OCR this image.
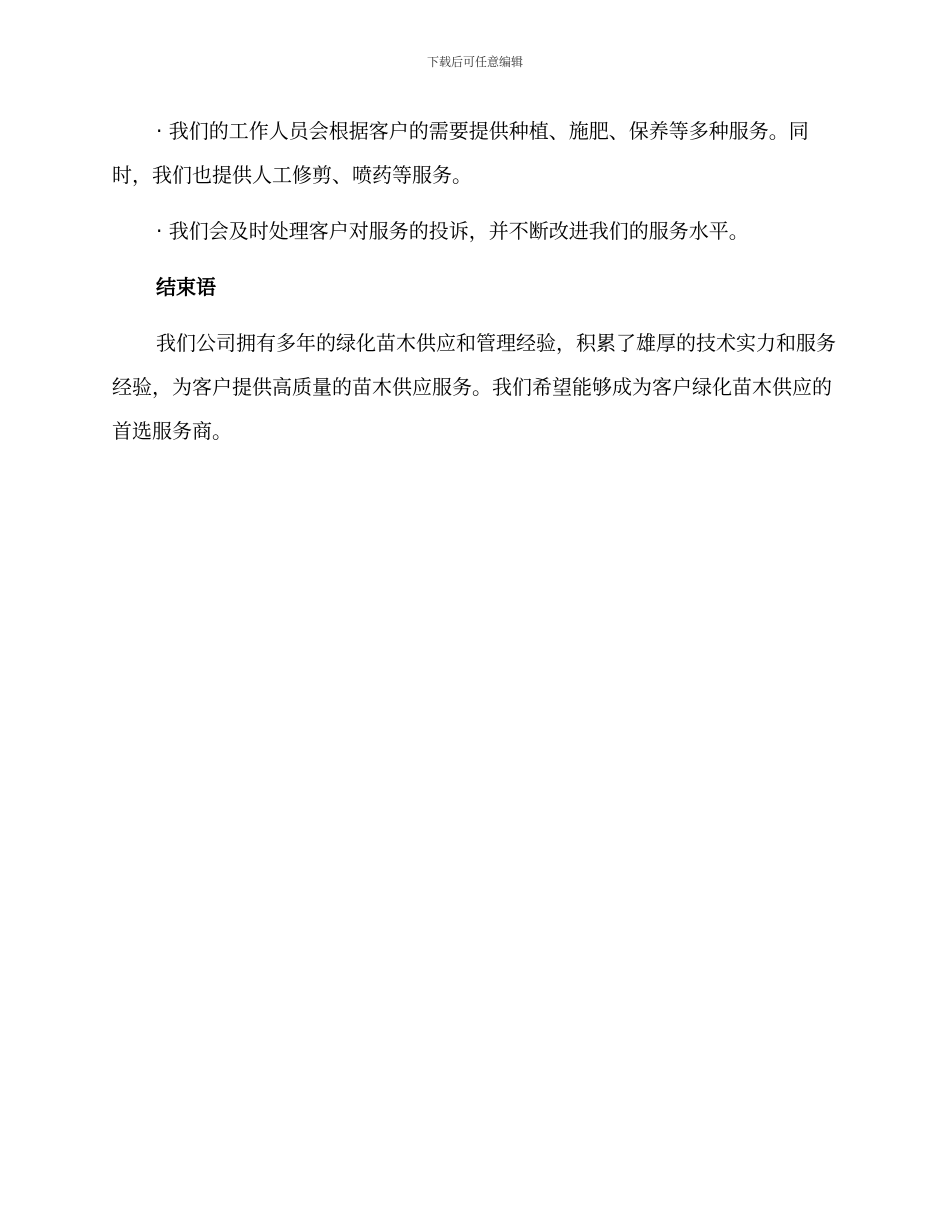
下载后可任意编辑

· 我们的工作人员会根据客户的需要提供种植、施肥、保养等多种服务。同时，我们也提供人工修剪、喷药等服务。

· 我们会及时处理客户对服务的投诉，并不断改进我们的服务水平。

结束语

我们公司拥有多年的绿化苗木供应和管理经验，积累了雄厚的技术实力和服务经验，为客户提供高质量的苗木供应服务。我们希望能够成为客户绿化苗木供应的首选服务商。
